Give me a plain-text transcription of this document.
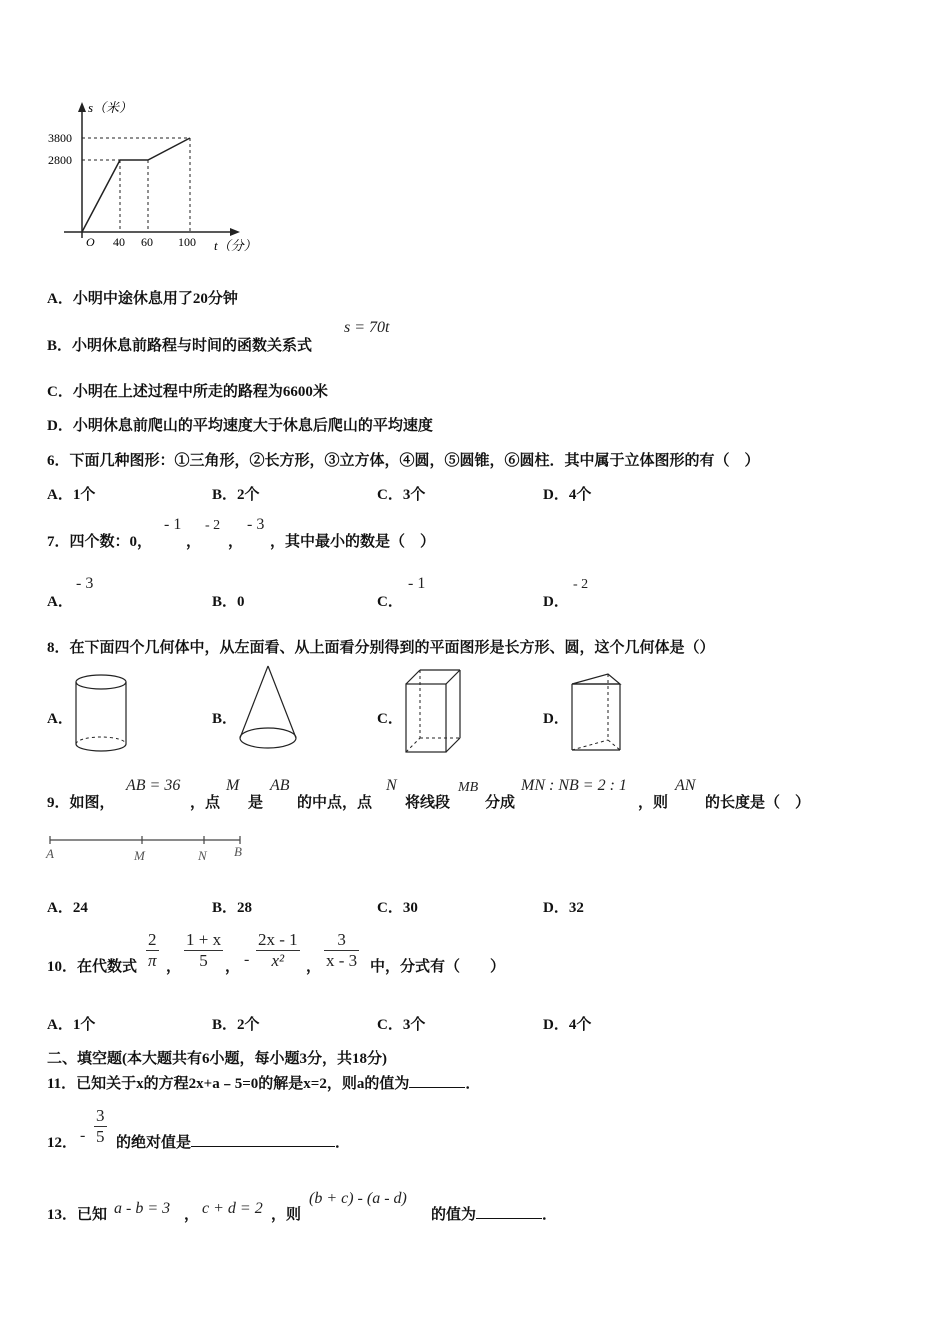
s（米）
3800
2800
O 40 60 100 t（分）
A．小明中途休息用了20分钟
B．小明休息前路程与时间的函数关系式
s = 70t
C．小明在上述过程中所走的路程为6600米
D．小明休息前爬山的平均速度大于休息后爬山的平均速度
6．下面几种图形：①三角形，②长方形，③立方体，④圆，⑤圆锥，⑥圆柱．其中属于立体图形的有（　）
A．1个	B．2个	C．3个	D．4个
7．四个数：0，
- 1
，
- 2
，
- 3
，其中最小的数是（　）
A．
- 3
B．0	C．
- 1
D．
- 2
8．在下面四个几何体中，从左面看、从上面看分别得到的平面图形是长方形、圆，这个几何体是（）
A．	B．	C．	D．
9．如图，
AB = 36
，点
M
是
AB
的中点，点
N
将线段
MB
分成
MN : NB = 2 : 1
，则
AN
的长度是（　）
A	M	N B
A．24	B．28	C．30	D．32
10．在代数式
2
π ，
1 + x
5 ， -
2x - 1
x² ，
3
x - 3 中，分式有（　　）
A．1个	B．2个	C．3个	D．4个
二、填空题(本大题共有6小题，每小题3分，共18分)
11．已知关于x的方程2x+a﹣5=0的解是x=2，则a的值为	．
12． -
3
5 的绝对值是	．
13．已知 a - b = 3 ， c + d = 2 ，则
(b + c) - (a - d)
的值为	．
